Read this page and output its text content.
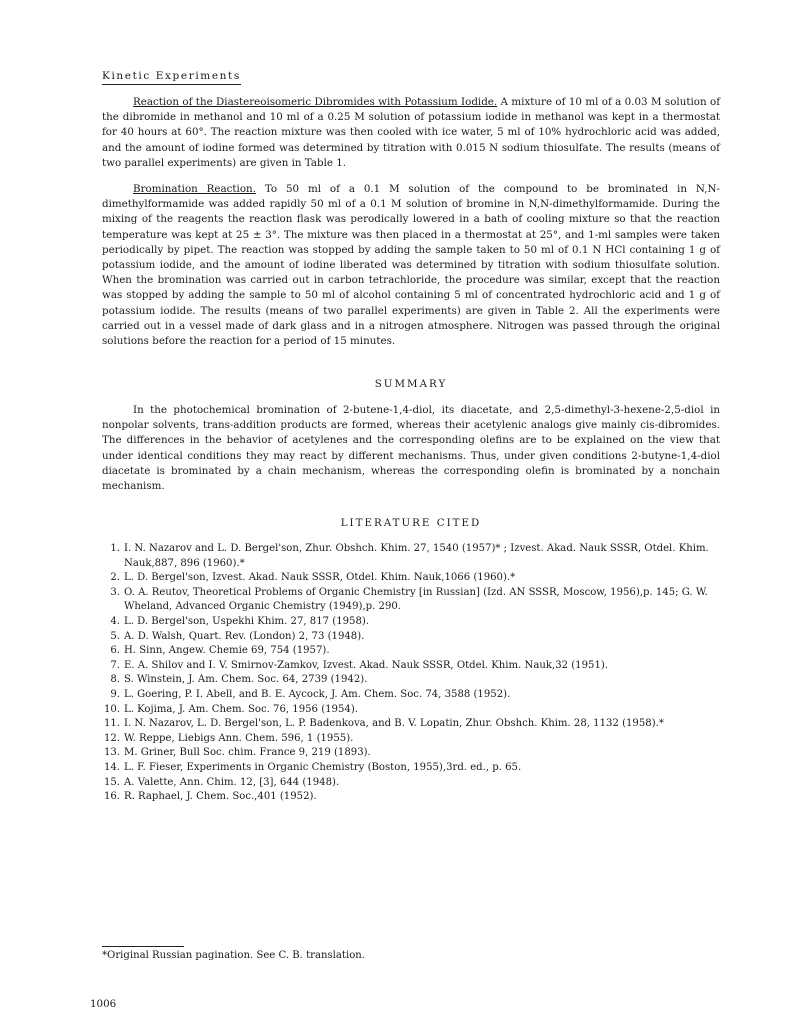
Kinetic Experiments

Reaction of the Diastereoisomeric Dibromides with Potassium Iodide. A mixture of 10 ml of a 0.03 M solution of the dibromide in methanol and 10 ml of a 0.25 M solution of potassium iodide in methanol was kept in a thermostat for 40 hours at 60°. The reaction mixture was then cooled with ice water, 5 ml of 10% hydrochloric acid was added, and the amount of iodine formed was determined by titration with 0.015 N sodium thiosulfate. The results (means of two parallel experiments) are given in Table 1.

Bromination Reaction. To 50 ml of a 0.1 M solution of the compound to be brominated in N,N-dimethylformamide was added rapidly 50 ml of a 0.1 M solution of bromine in N,N-dimethylformamide. During the mixing of the reagents the reaction flask was perodically lowered in a bath of cooling mixture so that the reaction temperature was kept at 25 ± 3°. The mixture was then placed in a thermostat at 25°, and 1-ml samples were taken periodically by pipet. The reaction was stopped by adding the sample taken to 50 ml of 0.1 N HCl containing 1 g of potassium iodide, and the amount of iodine liberated was determined by titration with sodium thiosulfate solution. When the bromination was carried out in carbon tetrachloride, the procedure was similar, except that the reaction was stopped by adding the sample to 50 ml of alcohol containing 5 ml of concentrated hydrochloric acid and 1 g of potassium iodide. The results (means of two parallel experiments) are given in Table 2. All the experiments were carried out in a vessel made of dark glass and in a nitrogen atmosphere. Nitrogen was passed through the original solutions before the reaction for a period of 15 minutes.

SUMMARY

In the photochemical bromination of 2-butene-1,4-diol, its diacetate, and 2,5-dimethyl-3-hexene-2,5-diol in nonpolar solvents, trans-addition products are formed, whereas their acetylenic analogs give mainly cis-dibromides. The differences in the behavior of acetylenes and the corresponding olefins are to be explained on the view that under identical conditions they may react by different mechanisms. Thus, under given conditions 2-butyne-1,4-diol diacetate is brominated by a chain mechanism, whereas the corresponding olefin is brominated by a nonchain mechanism.

LITERATURE CITED
1. I. N. Nazarov and L. D. Bergel'son, Zhur. Obshch. Khim. 27, 1540 (1957)* ; Izvest. Akad. Nauk SSSR, Otdel. Khim. Nauk,887, 896 (1960).*
2. L. D. Bergel'son, Izvest. Akad. Nauk SSSR, Otdel. Khim. Nauk,1066 (1960).*
3. O. A. Reutov, Theoretical Problems of Organic Chemistry [in Russian] (Izd. AN SSSR, Moscow, 1956),p. 145; G. W. Wheland, Advanced Organic Chemistry (1949),p. 290.
4. L. D. Bergel'son, Uspekhi Khim. 27, 817 (1958).
5. A. D. Walsh, Quart. Rev. (London) 2, 73 (1948).
6. H. Sinn, Angew. Chemie 69, 754 (1957).
7. E. A. Shilov and I. V. Smirnov-Zamkov, Izvest. Akad. Nauk SSSR, Otdel. Khim. Nauk,32 (1951).
8. S. Winstein, J. Am. Chem. Soc. 64, 2739 (1942).
9. L. Goering, P. I. Abell, and B. E. Aycock, J. Am. Chem. Soc. 74, 3588 (1952).
10. L. Kojima, J. Am. Chem. Soc. 76, 1956 (1954).
11. I. N. Nazarov, L. D. Bergel'son, L. P. Badenkova, and B. V. Lopatin, Zhur. Obshch. Khim. 28, 1132 (1958).*
12. W. Reppe, Liebigs Ann. Chem. 596, 1 (1955).
13. M. Griner, Bull Soc. chim. France 9, 219 (1893).
14. L. F. Fieser, Experiments in Organic Chemistry (Boston, 1955),3rd. ed., p. 65.
15. A. Valette, Ann. Chim. 12, [3], 644 (1948).
16. R. Raphael, J. Chem. Soc.,401 (1952).
*Original Russian pagination. See C. B. translation.
1006
